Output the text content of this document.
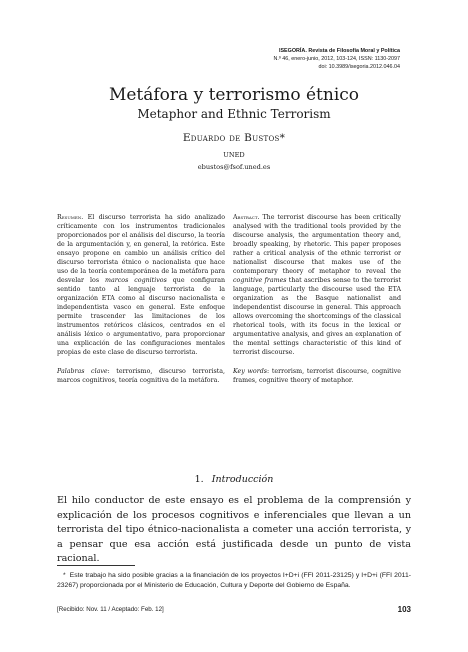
ISEGORÍA. Revista de Filosofía Moral y Política
N.º 46, enero-junio, 2012, 103-124, ISSN: 1130-2097
doi: 10.3989/isegoria.2012.046.04
Metáfora y terrorismo étnico
Metaphor and Ethnic Terrorism
Eduardo de Bustos*
UNED
ebustos@fsof.uned.es

Resumen. El discurso terrorista ha sido analizado críticamente con los instrumentos tradicionales proporcionados por el análisis del discurso, la teoría de la argumentación y, en general, la retórica. Este ensayo propone en cambio un análisis crítico del discurso terrorista étnico o nacionalista que hace uso de la teoría contemporánea de la metáfora para desvelar los marcos cognitivos que configuran sentido tanto al lenguaje terrorista de la organización ETA como al discurso nacionalista e independentista vasco en general. Este enfoque permite trascender las limitaciones de los instrumentos retóricos clásicos, centrados en el análisis léxico o argumentativo, para proporcionar una explicación de las configuraciones mentales propias de este clase de discurso terrorista.

Palabras clave: terrorismo, discurso terrorista, marcos cognitivos, teoría cognitiva de la metáfora.

Abstract. The terrorist discourse has been critically analysed with the traditional tools provided by the discourse analysis, the argumentation theory and, broadly speaking, by rhetoric. This paper proposes rather a critical analysis of the ethnic terrorist or nationalist discourse that makes use of the contemporary theory of metaphor to reveal the cognitive frames that ascribes sense to the terrorist language, particularly the discourse used the ETA organization as the Basque nationalist and independentist discourse in general. This approach allows overcoming the shortcomings of the classical rhetorical tools, with its focus in the lexical or argumentative analysis, and gives an explanation of the mental settings characteristic of this kind of terrorist discourse.

Key words: terrorism, terrorist discourse, cognitive frames, cognitive theory of metaphor.

1. Introducción
El hilo conductor de este ensayo es el problema de la comprensión y explicación de los procesos cognitivos e inferenciales que llevan a un terrorista del tipo étnico-nacionalista a cometer una acción terrorista, y a pensar que esa acción está justificada desde un punto de vista racional.
* Este trabajo ha sido posible gracias a la financiación de los proyectos I+D+i (FFI 2011-23125) y I+D+i (FFI 2011-23267) proporcionada por el Ministerio de Educación, Cultura y Deporte del Gobierno de España.
[Recibido: Nov. 11 / Aceptado: Feb. 12]	103
